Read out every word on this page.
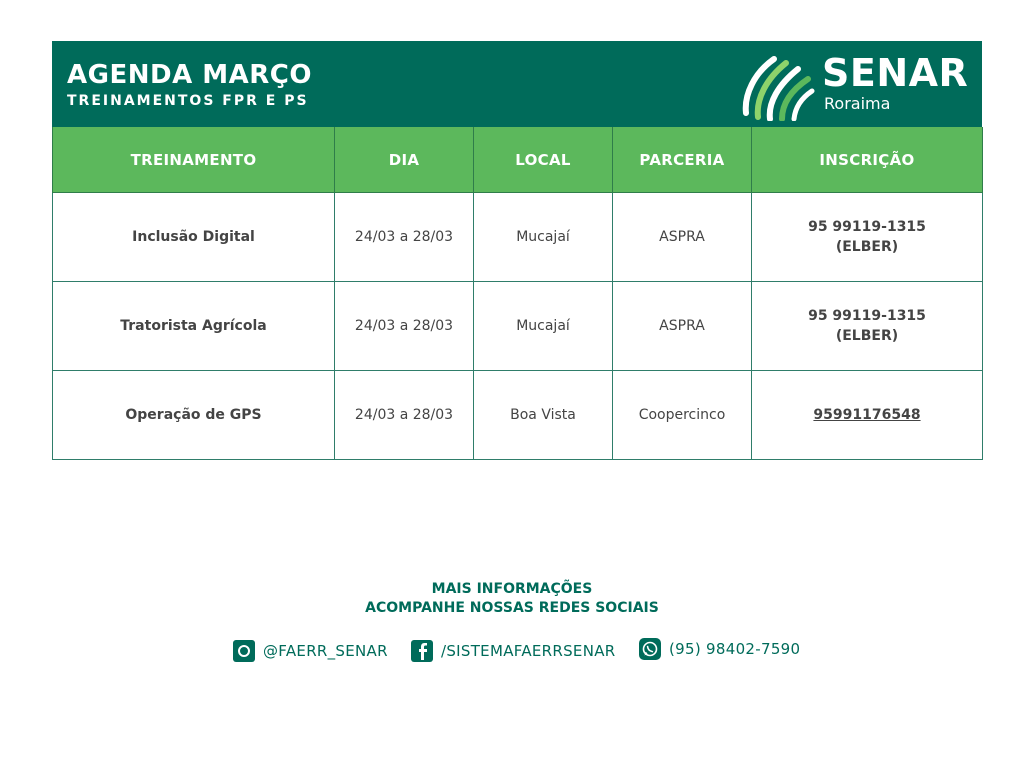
AGENDA MARÇO
TREINAMENTOS FPR E PS
SENAR
Roraima
TREINAMENTO	DIA	LOCAL	PARCERIA	INSCRIÇÃO
Inclusão Digital	24/03 a 28/03	Mucajaí	ASPRA	95 99119-1315
(ELBER)

Tratorista Agrícola	24/03 a 28/03	Mucajaí	ASPRA	95 99119-1315
(ELBER)

Operação de GPS	24/03 a 28/03	Boa Vista	Coopercinco	95991176548
MAIS INFORMAÇÕES
ACOMPANHE NOSSAS REDES SOCIAIS
@FAERR_SENAR	/SISTEMAFAERRSENAR	(95) 98402-7590
